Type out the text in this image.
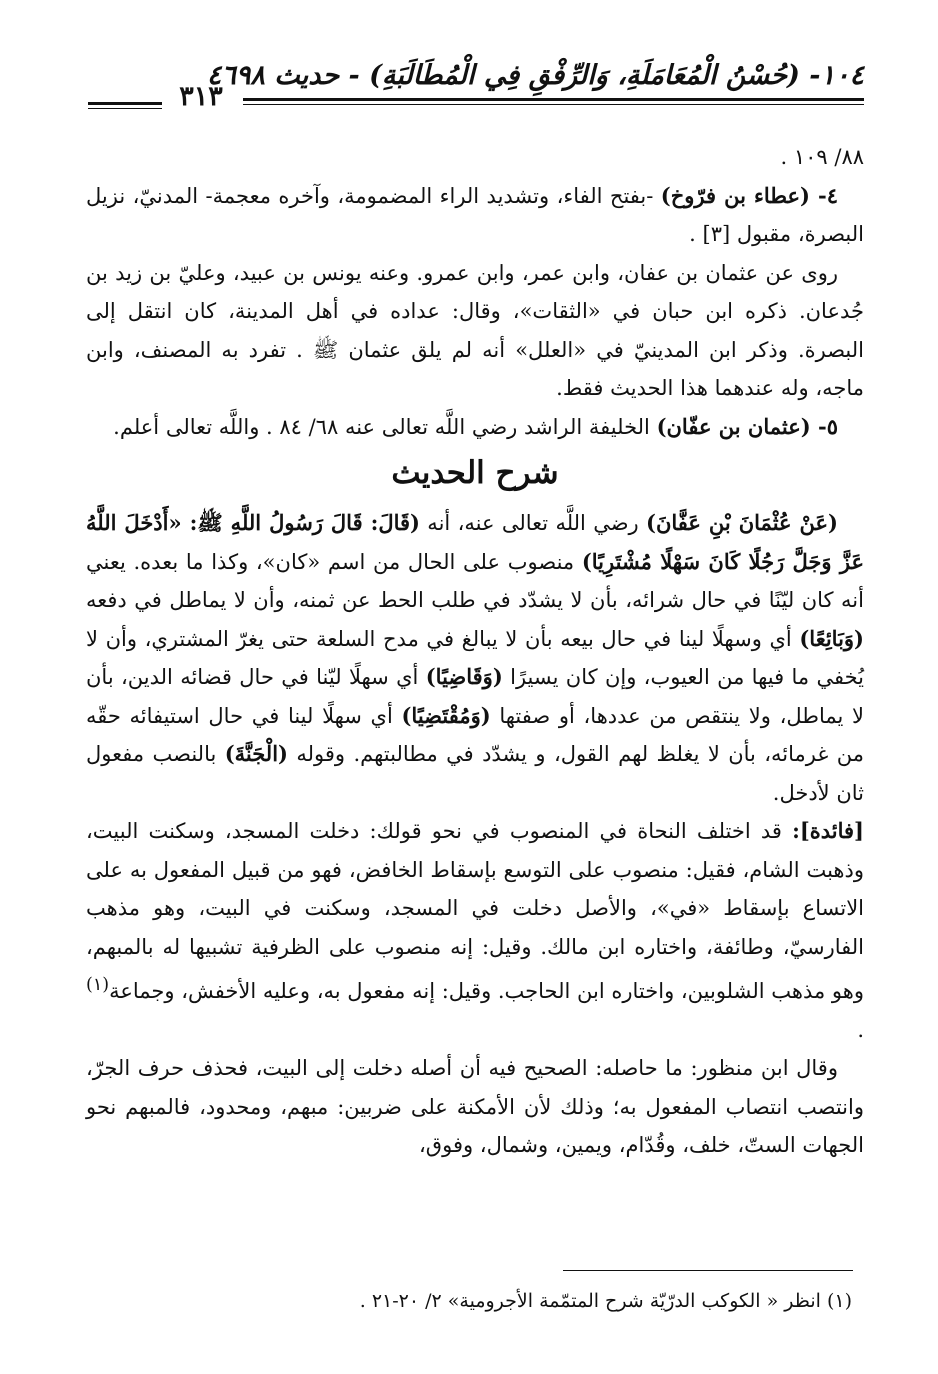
١٠٤- (حُسْنُ الْمُعَامَلَةِ، وَالرِّفْقِ فِي الْمُطَالَبَةِ) - حديث ٤٦٩٨
٣١٣

٨٨/ ١٠٩ .

٤- (عطاء بن فرّوخ) -بفتح الفاء، وتشديد الراء المضمومة، وآخره معجمة- المدنيّ، نزيل البصرة، مقبول [٣] .

روى عن عثمان بن عفان، وابن عمر، وابن عمرو. وعنه يونس بن عبيد، وعليّ بن زيد بن جُدعان. ذكره ابن حبان في «الثقات»، وقال: عداده في أهل المدينة، كان انتقل إلى البصرة. وذكر ابن المدينيّ في «العلل» أنه لم يلق عثمان ﷺ . تفرد به المصنف، وابن ماجه، وله عندهما هذا الحديث فقط.

٥- (عثمان بن عفّان) الخليفة الراشد رضي اللَّه تعالى عنه ٦٨/ ٨٤ . واللَّه تعالى أعلم.

شرح الحديث

(عَنْ عُثْمَانَ بْنِ عَفَّانَ) رضي اللَّه تعالى عنه، أنه (قَالَ: قَالَ رَسُولُ اللَّهِ ﷺ: «أَدْخَلَ اللَّهُ عَزَّ وَجَلَّ رَجُلًا كَانَ سَهْلًا مُشْتَرِيًا) منصوب على الحال من اسم «كان»، وكذا ما بعده. يعني أنه كان ليّنًا في حال شرائه، بأن لا يشدّد في طلب الحط عن ثمنه، وأن لا يماطل في دفعه (وَبَائِعًا) أي وسهلًا لينا في حال بيعه بأن لا يبالغ في مدح السلعة حتى يغرّ المشتري، وأن لا يُخفي ما فيها من العيوب، وإن كان يسيرًا (وَقَاضِيًا) أي سهلًا ليّنا في حال قضائه الدين، بأن لا يماطل، ولا ينتقص من عددها، أو صفتها (وَمُقْتَضِيًا) أي سهلًا لينا في حال استيفائه حقّه من غرمائه، بأن لا يغلظ لهم القول، و يشدّد في مطالبتهم. وقوله (الْجَنَّةَ) بالنصب مفعول ثان لأدخل.

[فائدة]: قد اختلف النحاة في المنصوب في نحو قولك: دخلت المسجد، وسكنت البيت، وذهبت الشام، فقيل: منصوب على التوسع بإسقاط الخافض، فهو من قبيل المفعول به على الاتساع بإسقاط «في»، والأصل دخلت في المسجد، وسكنت في البيت، وهو مذهب الفارسيّ، وطائفة، واختاره ابن مالك. وقيل: إنه منصوب على الظرفية تشبيها له بالمبهم، وهو مذهب الشلوبين، واختاره ابن الحاجب. وقيل: إنه مفعول به، وعليه الأخفش، وجماعة$^{(١)}$ .

وقال ابن منظور: ما حاصله: الصحيح فيه أن أصله دخلت إلى البيت، فحذف حرف الجرّ، وانتصب انتصاب المفعول به؛ وذلك لأن الأمكنة على ضربين: مبهم، ومحدود، فالمبهم نحو الجهات الستّ، خلف، وقُدّام، ويمين، وشمال، وفوق،

(١) انظر « الكوكب الدرّيّة شرح المتمّمة الأجرومية» ٢/ ٢٠-٢١ .
